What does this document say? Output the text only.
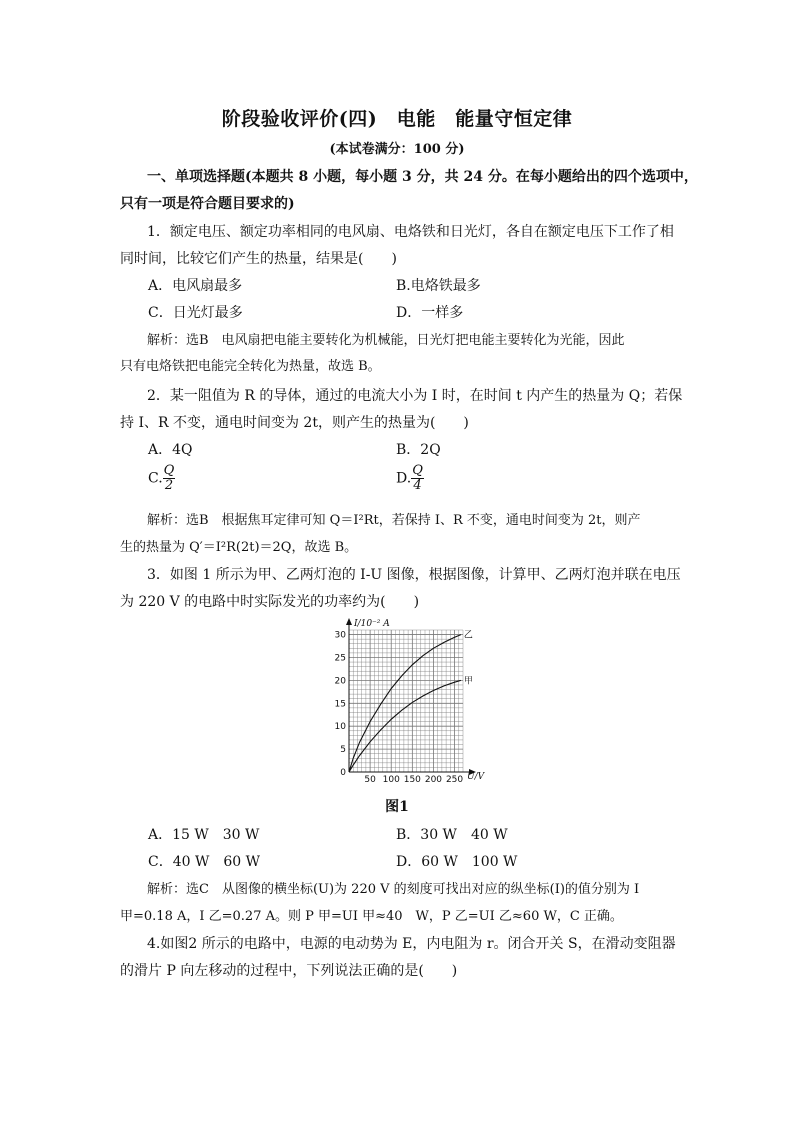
阶段验收评价(四)　电能　能量守恒定律
(本试卷满分：100 分)
一、单项选择题(本题共 8 小题，每小题 3 分，共 24 分。在每小题给出的四个选项中，
只有一项是符合题目要求的)
1．额定电压、额定功率相同的电风扇、电烙铁和日光灯，各自在额定电压下工作了相
同时间，比较它们产生的热量，结果是(　　)
A．电风扇最多	B.电烙铁最多
C．日光灯最多	D．一样多
解析：选B　电风扇把电能主要转化为机械能，日光灯把电能主要转化为光能，因此
只有电烙铁把电能完全转化为热量，故选 B。
2．某一阻值为 R 的导体，通过的电流大小为 I 时，在时间 t 内产生的热量为 Q；若保
持 I、R 不变，通电时间变为 2t，则产生的热量为(　　)
A．4Q	B．2Q
C. $\frac{Q}{2}$	D. $\frac{Q}{4}$
解析：选B　根据焦耳定律可知 Q＝I²Rt，若保持 I、R 不变，通电时间变为 2t，则产
生的热量为 Q′＝I²R(2t)＝2Q，故选 B。
3．如图 1 所示为甲、乙两灯泡的 I-U 图像，根据图像，计算甲、乙两灯泡并联在电压
为 220 V 的电路中时实际发光的功率约为(　　)
I/10⁻² A
U/V
0
5
10
15
20
25
30
50 100 150 200 250
乙
甲
图1
A．15 W　30 W	B．30 W　40 W
C．40 W　60 W	D．60 W　100 W
解析：选C　从图像的横坐标(U)为 220 V 的刻度可找出对应的纵坐标(I)的值分别为 I
甲=0.18 A，I 乙=0.27 A。则 P 甲=UI 甲≈40　W，P 乙=UI 乙≈60 W，C 正确。
4.如图2 所示的电路中，电源的电动势为 E，内电阻为 r。闭合开关 S，在滑动变阻器
的滑片 P 向左移动的过程中，下列说法正确的是(　　)
